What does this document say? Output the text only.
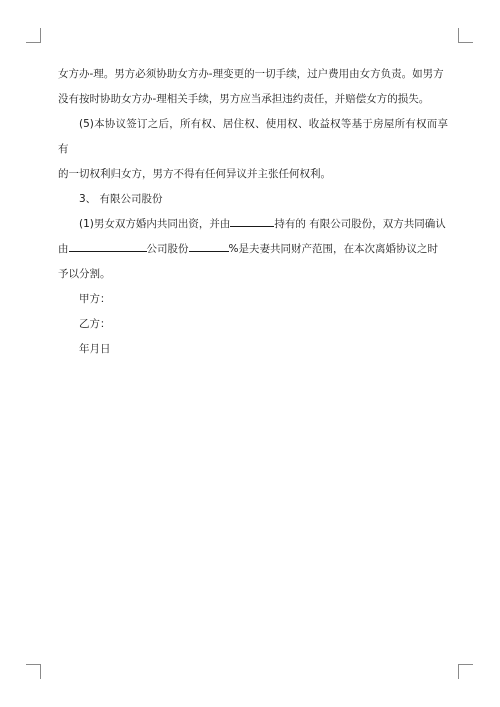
女方办-理。男方必须协助女方办-理变更的一切手续，过户费用由女方负责。如男方

没有按时协助女方办-理相关手续，男方应当承担违约责任，并赔偿女方的损失。

(5)本协议签订之后，所有权、居住权、使用权、收益权等基于房屋所有权而享有

的一切权利归女方，男方不得有任何异议并主张任何权利。

3、 有限公司股份

(1)男女双方婚内共同出资，并由	持有的 有限公司股份，双方共同确认

由	公司股份	%是夫妻共同财产范围，在本次离婚协议之时

予以分割。

甲方：

乙方：

年月日
